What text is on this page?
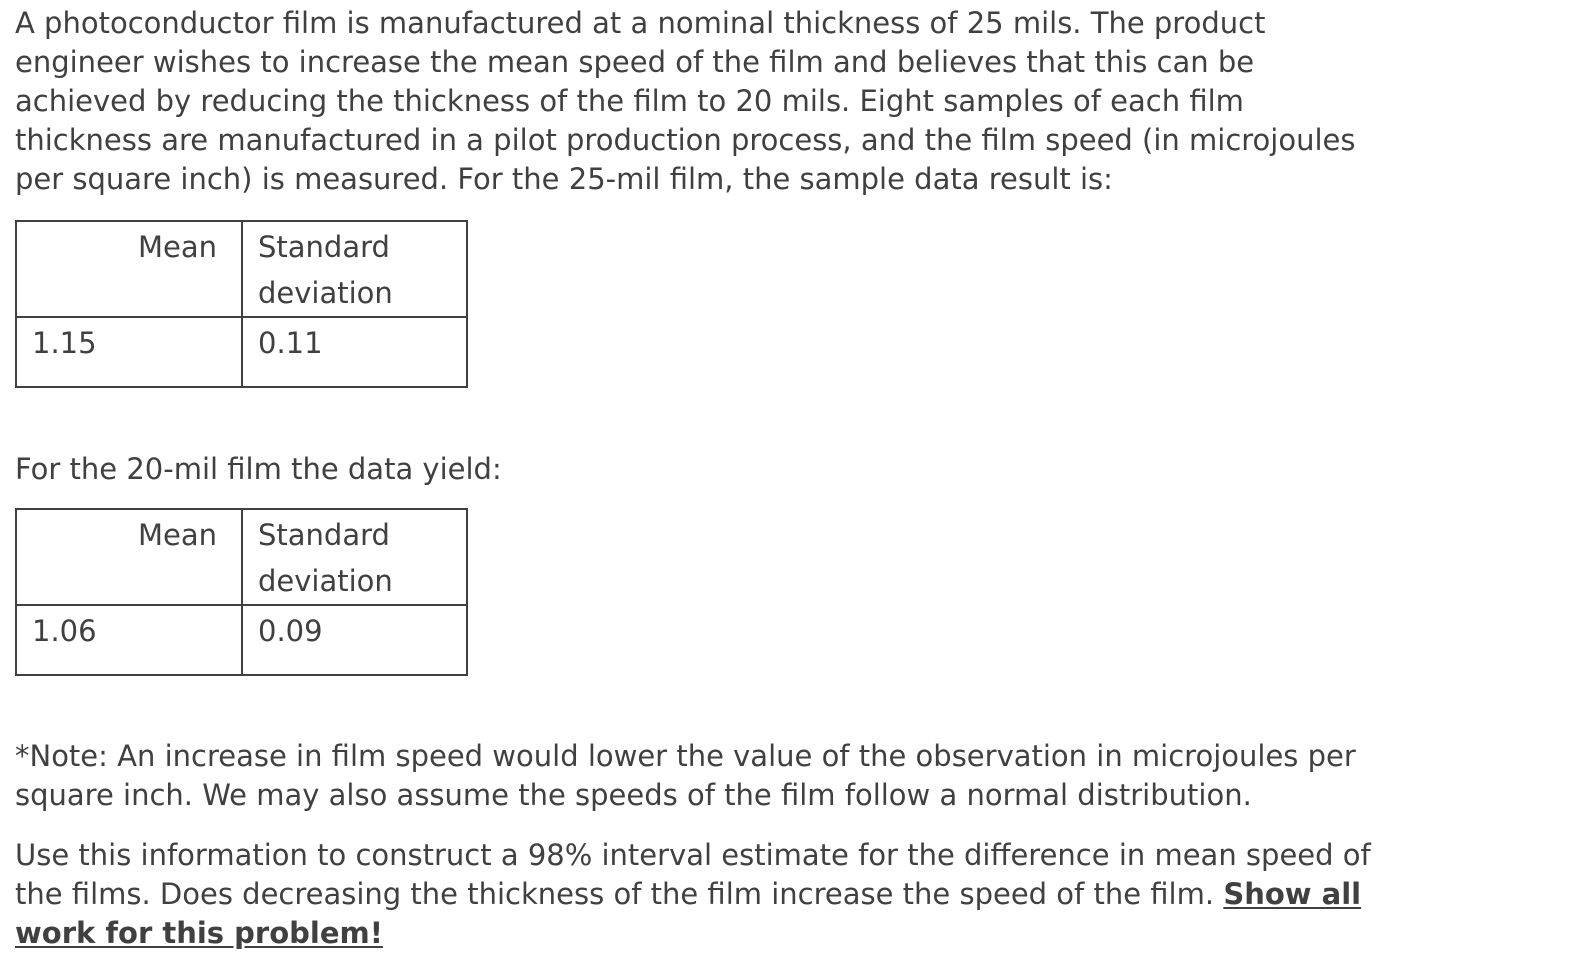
A photoconductor film is manufactured at a nominal thickness of 25 mils. The product
engineer wishes to increase the mean speed of the film and believes that this can be
achieved by reducing the thickness of the film to 20 mils. Eight samples of each film
thickness are manufactured in a pilot production process, and the film speed (in microjoules
per square inch) is measured. For the 25-mil film, the sample data result is:
Mean	Standard deviation
1.15	0.11
For the 20-mil film the data yield:
Mean	Standard deviation
1.06	0.09
*Note: An increase in film speed would lower the value of the observation in microjoules per
square inch. We may also assume the speeds of the film follow a normal distribution.
Use this information to construct a 98% interval estimate for the difference in mean speed of
the films. Does decreasing the thickness of the film increase the speed of the film. Show all
work for this problem!
